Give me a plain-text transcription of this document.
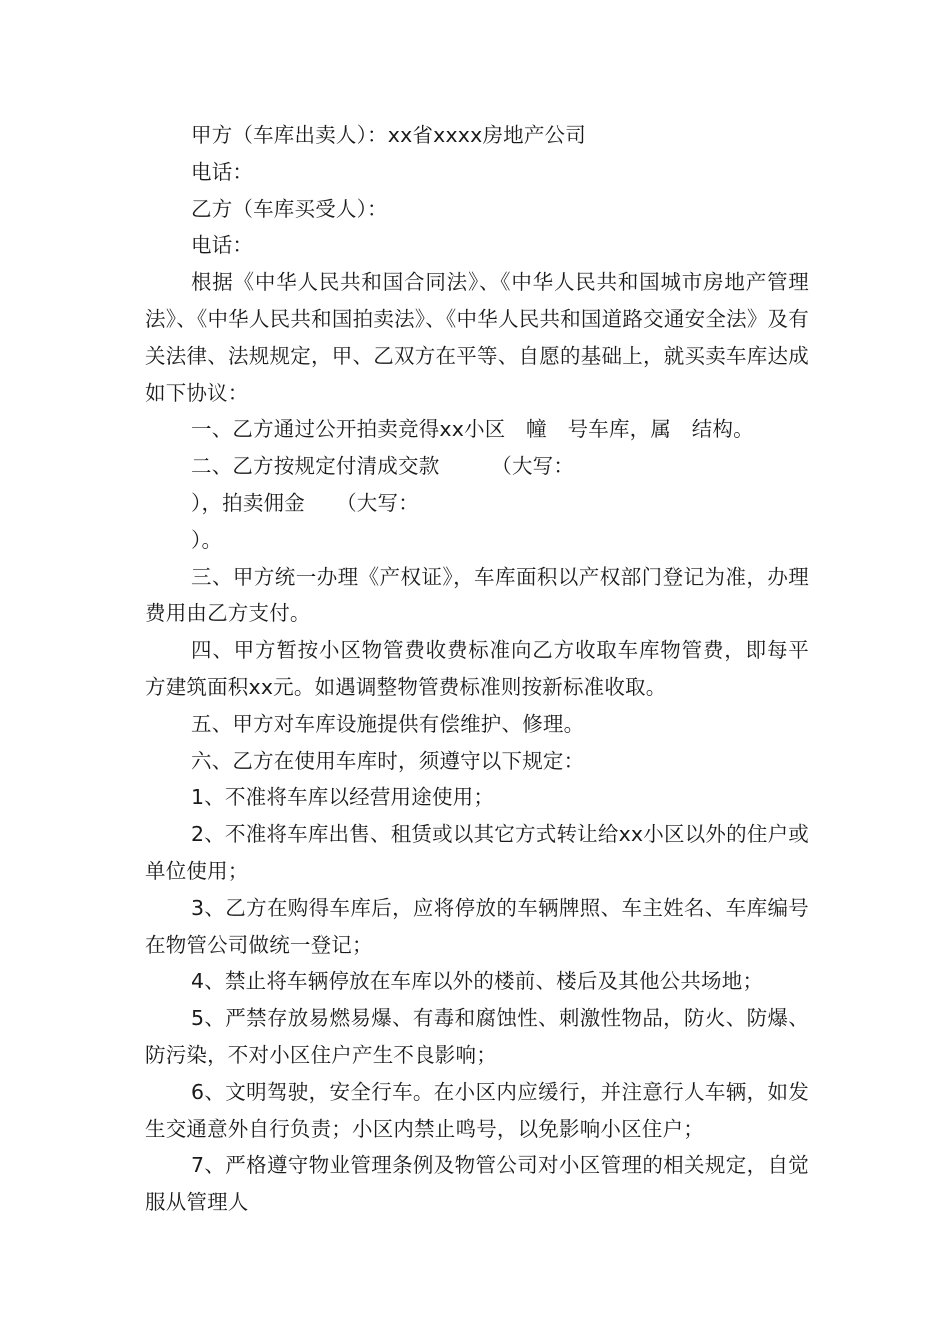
甲方（车库出卖人）：xx省xxxx房地产公司

电话：

乙方（车库买受人）：

电话：

根据《中华人民共和国合同法》、《中华人民共和国城市房地产管理法》、《中华人民共和国拍卖法》、《中华人民共和国道路交通安全法》及有关法律、法规规定，甲、乙双方在平等、自愿的基础上，就买卖车库达成如下协议：

一、乙方通过公开拍卖竞得xx小区　幢　号车库，属　结构。

二、乙方按规定付清成交款　　　（大写：

），拍卖佣金　　（大写：

）。

三、甲方统一办理《产权证》，车库面积以产权部门登记为准，办理费用由乙方支付。

四、甲方暂按小区物管费收费标准向乙方收取车库物管费，即每平方建筑面积xx元。如遇调整物管费标准则按新标准收取。

五、甲方对车库设施提供有偿维护、修理。

六、乙方在使用车库时，须遵守以下规定：

1、不准将车库以经营用途使用；

2、不准将车库出售、租赁或以其它方式转让给xx小区以外的住户或单位使用；

3、乙方在购得车库后，应将停放的车辆牌照、车主姓名、车库编号在物管公司做统一登记；

4、禁止将车辆停放在车库以外的楼前、楼后及其他公共场地；

5、严禁存放易燃易爆、有毒和腐蚀性、刺激性物品，防火、防爆、防污染，不对小区住户产生不良影响；

6、文明驾驶，安全行车。在小区内应缓行，并注意行人车辆，如发生交通意外自行负责；小区内禁止鸣号，以免影响小区住户；

7、严格遵守物业管理条例及物管公司对小区管理的相关规定，自觉服从管理人
